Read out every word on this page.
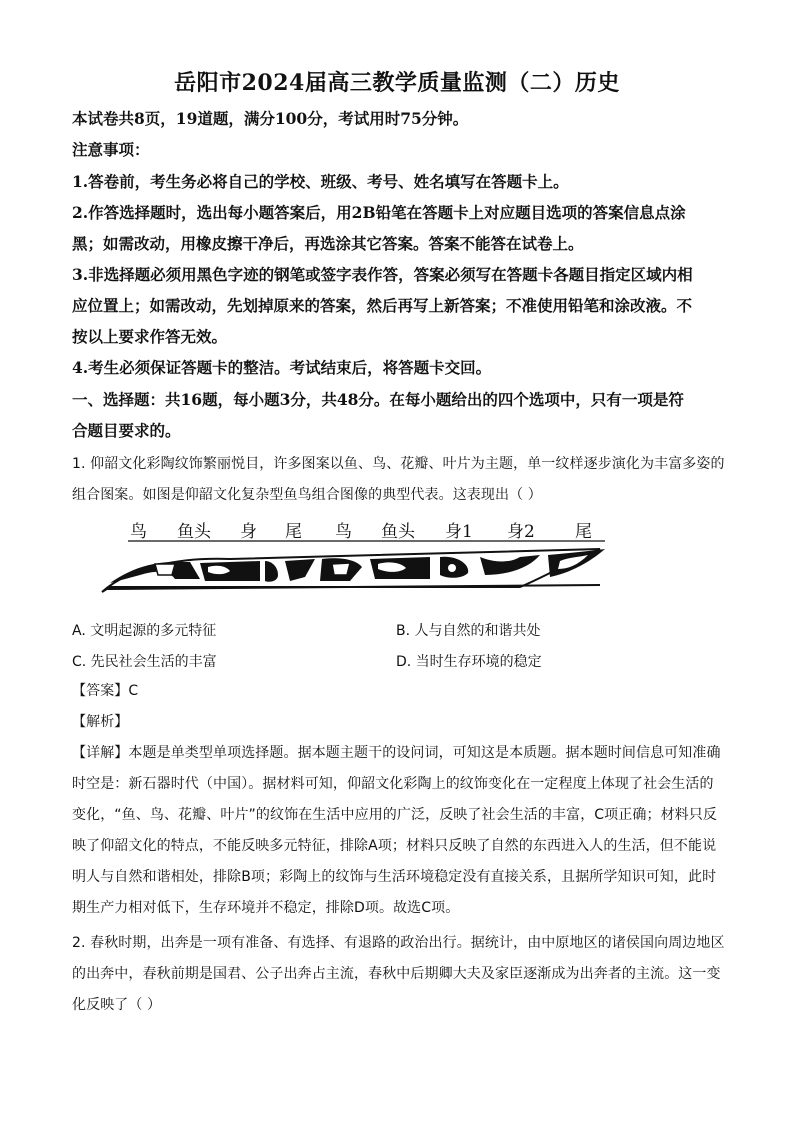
岳阳市2024届高三教学质量监测（二）历史
本试卷共8页，19道题，满分100分，考试用时75分钟。
注意事项：
1.答卷前，考生务必将自己的学校、班级、考号、姓名填写在答题卡上。
2.作答选择题时，选出每小题答案后，用2B铅笔在答题卡上对应题目选项的答案信息点涂
黑；如需改动，用橡皮擦干净后，再选涂其它答案。答案不能答在试卷上。
3.非选择题必须用黑色字迹的钢笔或签字表作答，答案必须写在答题卡各题目指定区域内相
应位置上；如需改动，先划掉原来的答案，然后再写上新答案；不准使用铅笔和涂改液。不
按以上要求作答无效。
4.考生必须保证答题卡的整洁。考试结束后，将答题卡交回。
一、选择题：共16题，每小题3分，共48分。在每小题给出的四个选项中，只有一项是符
合题目要求的。
1. 仰韶文化彩陶纹饰繁丽悦目，许多图案以鱼、鸟、花瓣、叶片为主题，单一纹样逐步演化为丰富多姿的
组合图案。如图是仰韶文化复杂型鱼鸟组合图像的典型代表。这表现出（ ）
鸟 鱼头 身 尾 鸟 鱼头 身1 身2 尾
A. 文明起源的多元特征	B. 人与自然的和谐共处
C. 先民社会生活的丰富	D. 当时生存环境的稳定
【答案】C
【解析】
【详解】本题是单类型单项选择题。据本题主题干的设问词，可知这是本质题。据本题时间信息可知准确
时空是：新石器时代（中国）。据材料可知，仰韶文化彩陶上的纹饰变化在一定程度上体现了社会生活的
变化，“鱼、鸟、花瓣、叶片”的纹饰在生活中应用的广泛，反映了社会生活的丰富，C项正确；材料只反
映了仰韶文化的特点，不能反映多元特征，排除A项；材料只反映了自然的东西进入人的生活，但不能说
明人与自然和谐相处，排除B项；彩陶上的纹饰与生活环境稳定没有直接关系，且据所学知识可知，此时
期生产力相对低下，生存环境并不稳定，排除D项。故选C项。
2. 春秋时期，出奔是一项有准备、有选择、有退路的政治出行。据统计，由中原地区的诸侯国向周边地区
的出奔中，春秋前期是国君、公子出奔占主流，春秋中后期卿大夫及家臣逐渐成为出奔者的主流。这一变
化反映了（ ）
